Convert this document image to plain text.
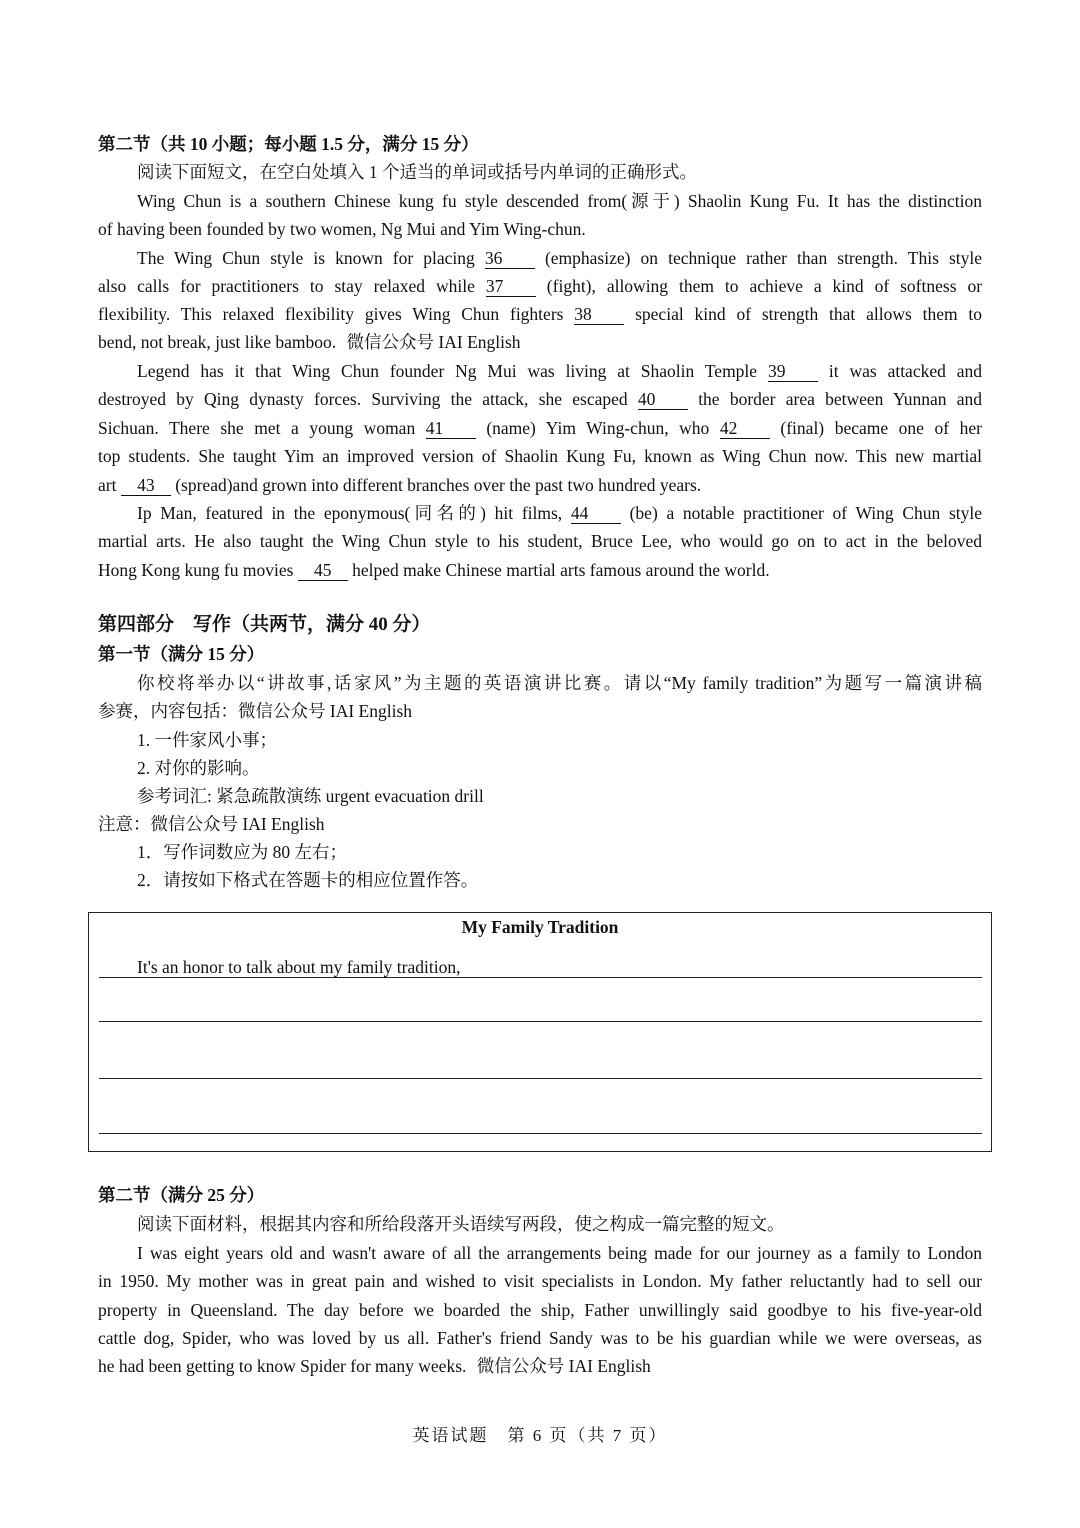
第二节（共 10 小题；每小题 1.5 分，满分 15 分）
阅读下面短文，在空白处填入 1 个适当的单词或括号内单词的正确形式。
Wing Chun is a southern Chinese kung fu style descended from(源于) Shaolin Kung Fu. It has the distinction
of having been founded by two women, Ng Mui and Yim Wing-chun.
The Wing Chun style is known for placing 36 (emphasize) on technique rather than strength. This style
also calls for practitioners to stay relaxed while 37 (fight), allowing them to achieve a kind of softness or
flexibility. This relaxed flexibility gives Wing Chun fighters 38 special kind of strength that allows them to
bend, not break, just like bamboo. 微信公众号 IAI English
Legend has it that Wing Chun founder Ng Mui was living at Shaolin Temple 39 it was attacked and
destroyed by Qing dynasty forces. Surviving the attack, she escaped 40 the border area between Yunnan and
Sichuan. There she met a young woman 41 (name) Yim Wing-chun, who 42 (final) became one of her
top students. She taught Yim an improved version of Shaolin Kung Fu, known as Wing Chun now. This new martial
art 43 (spread)and grown into different branches over the past two hundred years.
Ip Man, featured in the eponymous(同名的) hit films, 44 (be) a notable practitioner of Wing Chun style
martial arts. He also taught the Wing Chun style to his student, Bruce Lee, who would go on to act in the beloved
Hong Kong kung fu movies 45 helped make Chinese martial arts famous around the world.
第四部分　写作（共两节，满分 40 分）
第一节（满分 15 分）
你校将举办以“讲故事,话家风”为主题的英语演讲比赛。请以“My family tradition”为题写一篇演讲稿
参赛，内容包括：微信公众号 IAI English
1. 一件家风小事；
2. 对你的影响。
参考词汇: 紧急疏散演练 urgent evacuation drill
注意：微信公众号 IAI English
1．写作词数应为 80 左右；
2．请按如下格式在答题卡的相应位置作答。
My Family Tradition
It's an honor to talk about my family tradition,
第二节（满分 25 分）
阅读下面材料，根据其内容和所给段落开头语续写两段，使之构成一篇完整的短文。
I was eight years old and wasn't aware of all the arrangements being made for our journey as a family to London
in 1950. My mother was in great pain and wished to visit specialists in London. My father reluctantly had to sell our
property in Queensland. The day before we boarded the ship, Father unwillingly said goodbye to his five-year-old
cattle dog, Spider, who was loved by us all. Father's friend Sandy was to be his guardian while we were overseas, as
he had been getting to know Spider for many weeks. 微信公众号 IAI English
英语试题　第 6 页（共 7 页）
